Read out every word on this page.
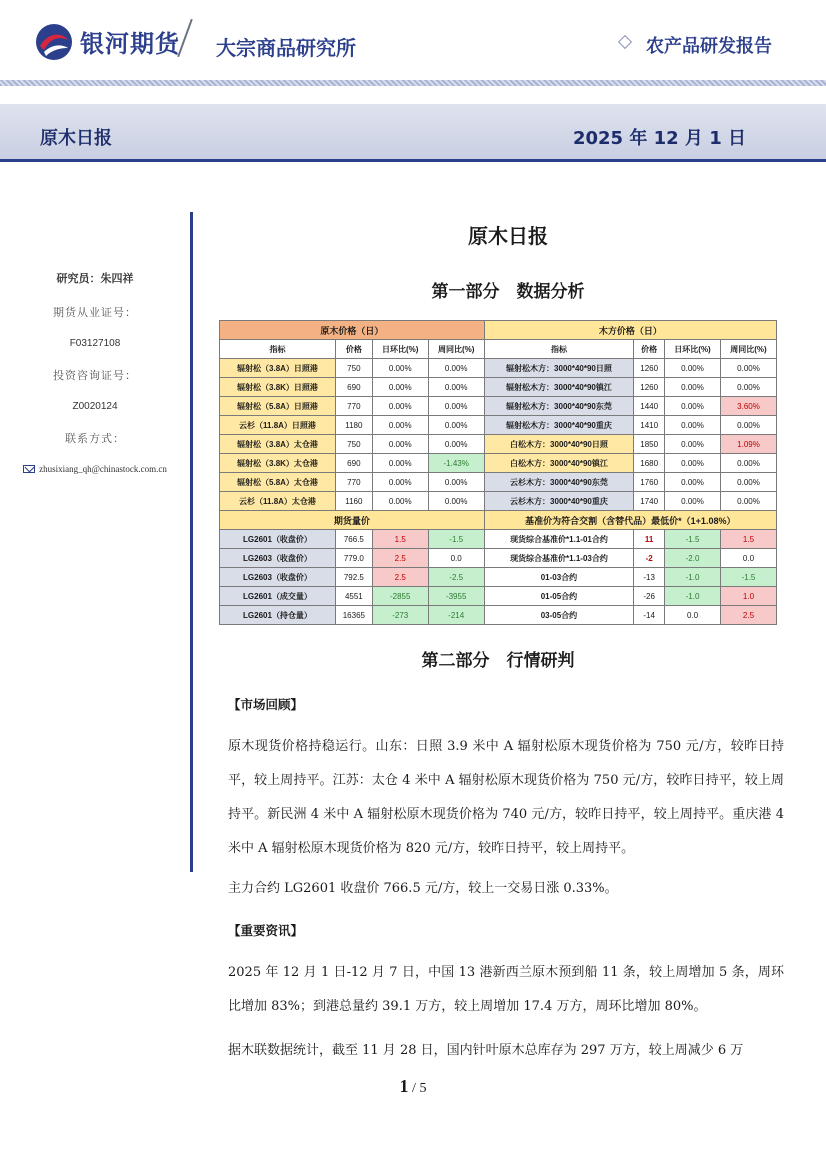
银河期货 大宗商品研究所	农产品研发报告
原木日报	2025 年 12 月 1 日
研究员：朱四祥
期货从业证号：
F03127108
投资咨询证号：
Z0020124
联系方式：
zhusixiang_qh@chinastock.com.cn
原木日报
第一部分　数据分析
原木价格（日）				木方价格（日）			
指标	价格	日环比(%)	周同比(%)	指标	价格	日环比(%)	周同比(%)
辐射松（3.8A）日照港	750	0.00%	0.00%	辐射松木方：3000*40*90日照	1260	0.00%	0.00%
辐射松（3.8K）日照港	690	0.00%	0.00%	辐射松木方：3000*40*90镇江	1260	0.00%	0.00%
辐射松（5.8A）日照港	770	0.00%	0.00%	辐射松木方：3000*40*90东莞	1440	0.00%	3.60%
云杉（11.8A）日照港	1180	0.00%	0.00%	辐射松木方：3000*40*90重庆	1410	0.00%	0.00%
辐射松（3.8A）太仓港	750	0.00%	0.00%	白松木方：3000*40*90日照	1850	0.00%	1.09%
辐射松（3.8K）太仓港	690	0.00%	-1.43%	白松木方：3000*40*90镇江	1680	0.00%	0.00%
辐射松（5.8A）太仓港	770	0.00%	0.00%	云杉木方：3000*40*90东莞	1760	0.00%	0.00%
云杉（11.8A）太仓港	1160	0.00%	0.00%	云杉木方：3000*40*90重庆	1740	0.00%	0.00%
期货量价				基准价为符合交割（含替代品）最低价*（1+1.08%）			
LG2601（收盘价）	766.5	1.5	-1.5	现货综合基准价*1.1-01合约	11	-1.5	1.5
LG2603（收盘价）	779.0	2.5	0.0	现货综合基准价*1.1-03合约	-2	-2.0	0.0
LG2603（收盘价）	792.5	2.5	-2.5	01-03合约	-13	-1.0	-1.5
LG2601（成交量）	4551	-2855	-3955	01-05合约	-26	-1.0	1.0
LG2601（持仓量）	16365	-273	-214	03-05合约	-14	0.0	2.5
第二部分　行情研判
【市场回顾】
原木现货价格持稳运行。山东：日照 3.9 米中 A 辐射松原木现货价格为 750 元/方，较昨日持平，较上周持平。江苏：太仓 4 米中 A 辐射松原木现货价格为 750 元/方，较昨日持平，较上周持平。新民洲 4 米中 A 辐射松原木现货价格为 740 元/方，较昨日持平，较上周持平。重庆港 4 米中 A 辐射松原木现货价格为 820 元/方，较昨日持平，较上周持平。
主力合约 LG2601 收盘价 766.5 元/方，较上一交易日涨 0.33%。
【重要资讯】
2025 年 12 月 1 日-12 月 7 日，中国 13 港新西兰原木预到船 11 条，较上周增加 5 条，周环比增加 83%；到港总量约 39.1 万方，较上周增加 17.4 万方，周环比增加 80%。
据木联数据统计，截至 11 月 28 日，国内针叶原木总库存为 297 万方，较上周减少 6 万
1 / 5
